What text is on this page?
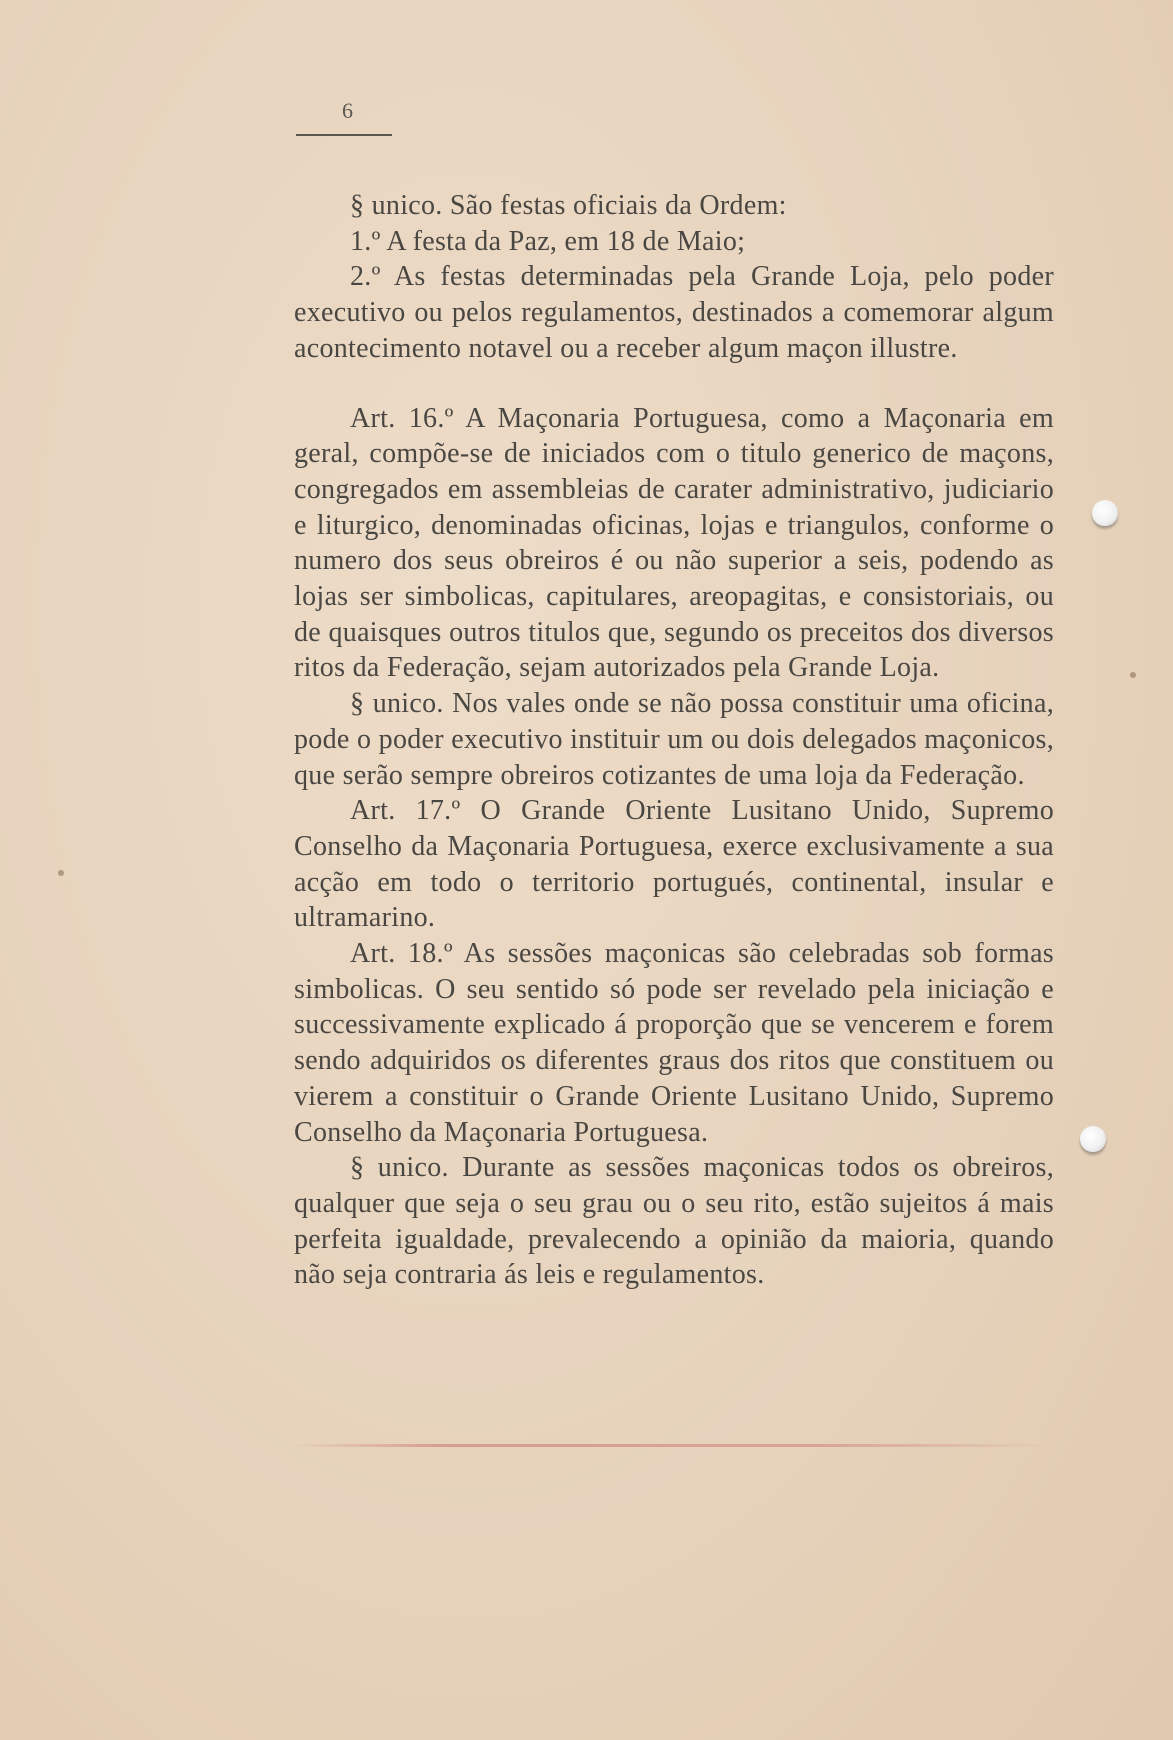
6

§ unico. São festas oficiais da Ordem:

1.º A festa da Paz, em 18 de Maio;

2.º As festas determinadas pela Grande Loja, pelo poder executivo ou pelos regulamentos, destinados a comemorar algum acontecimento notavel ou a receber algum maçon illustre.

Art. 16.º A Maçonaria Portuguesa, como a Maçonaria em geral, compõe-se de iniciados com o titulo generico de maçons, congregados em assembleias de carater administrativo, judiciario e liturgico, denominadas oficinas, lojas e triangulos, conforme o numero dos seus obreiros é ou não superior a seis, podendo as lojas ser simbolicas, capitulares, areopagitas, e consistoriais, ou de quaisques outros titulos que, segundo os preceitos dos diversos ritos da Federação, sejam autorizados pela Grande Loja.

§ unico. Nos vales onde se não possa constituir uma oficina, pode o poder executivo instituir um ou dois delegados maçonicos, que serão sempre obreiros cotizantes de uma loja da Federação.

Art. 17.º O Grande Oriente Lusitano Unido, Supremo Conselho da Maçonaria Portuguesa, exerce exclusivamente a sua acção em todo o territorio portugués, continental, insular e ultramarino.

Art. 18.º As sessões maçonicas são celebradas sob formas simbolicas. O seu sentido só pode ser revelado pela iniciação e successivamente explicado á proporção que se vencerem e forem sendo adquiridos os diferentes graus dos ritos que constituem ou vierem a constituir o Grande Oriente Lusitano Unido, Supremo Conselho da Maçonaria Portuguesa.

§ unico. Durante as sessões maçonicas todos os obreiros, qualquer que seja o seu grau ou o seu rito, estão sujeitos á mais perfeita igualdade, prevalecendo a opinião da maioria, quando não seja contraria ás leis e regulamentos.
